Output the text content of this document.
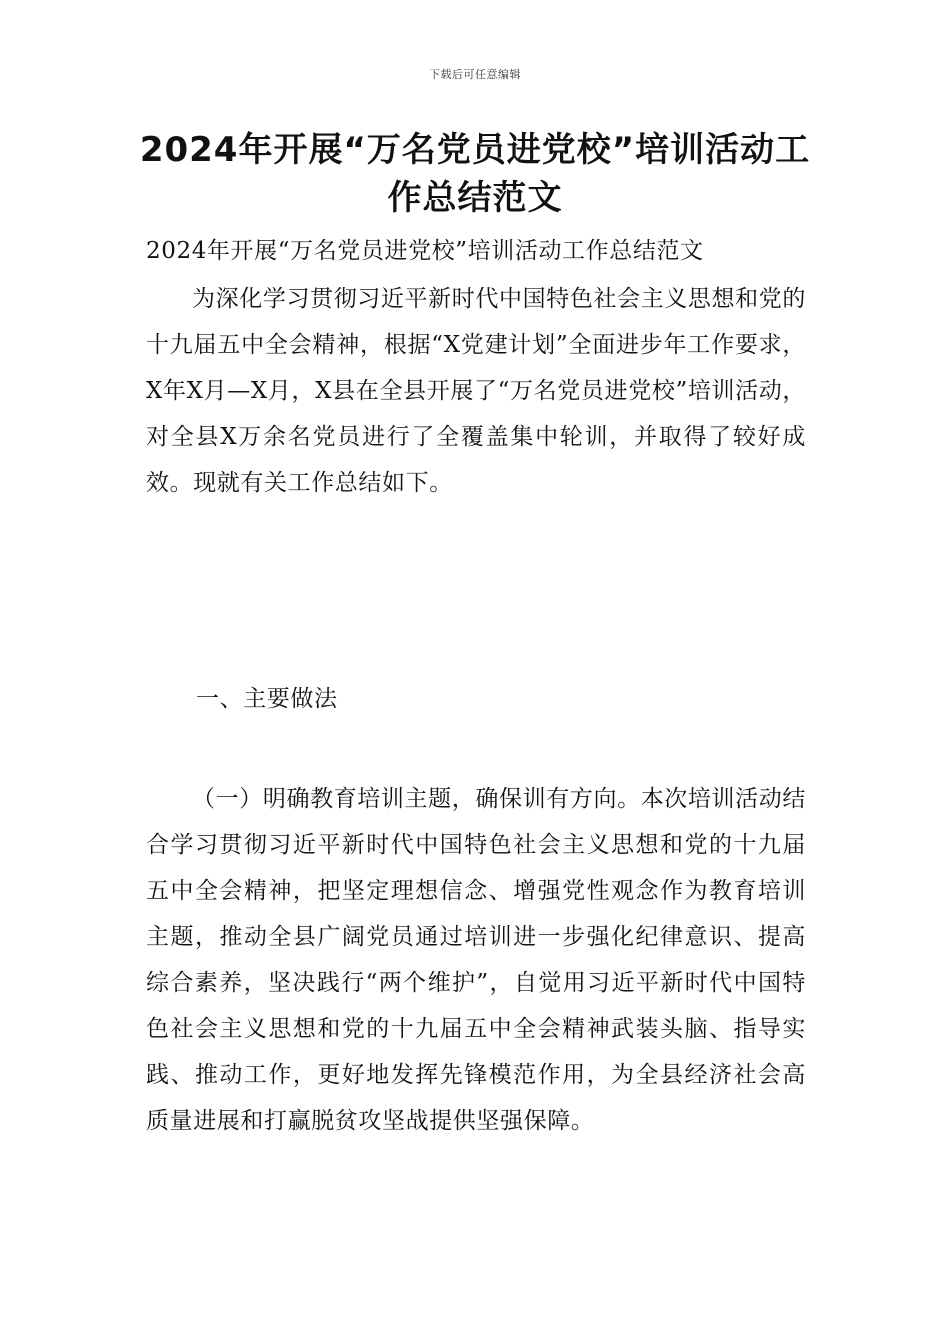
下载后可任意编辑
2024年开展“万名党员进党校”培训活动工作总结范文

2024年开展“万名党员进党校”培训活动工作总结范文

为深化学习贯彻习近平新时代中国特色社会主义思想和党的十九届五中全会精神，根据“X党建计划”全面进步年工作要求，X年X月—X月，X县在全县开展了“万名党员进党校”培训活动，对全县X万余名党员进行了全覆盖集中轮训，并取得了较好成效。现就有关工作总结如下。

一、主要做法

（一）明确教育培训主题，确保训有方向。本次培训活动结合学习贯彻习近平新时代中国特色社会主义思想和党的十九届五中全会精神，把坚定理想信念、增强党性观念作为教育培训主题，推动全县广阔党员通过培训进一步强化纪律意识、提高综合素养，坚决践行“两个维护”，自觉用习近平新时代中国特色社会主义思想和党的十九届五中全会精神武装头脑、指导实践、推动工作，更好地发挥先锋模范作用，为全县经济社会高质量进展和打赢脱贫攻坚战提供坚强保障。
